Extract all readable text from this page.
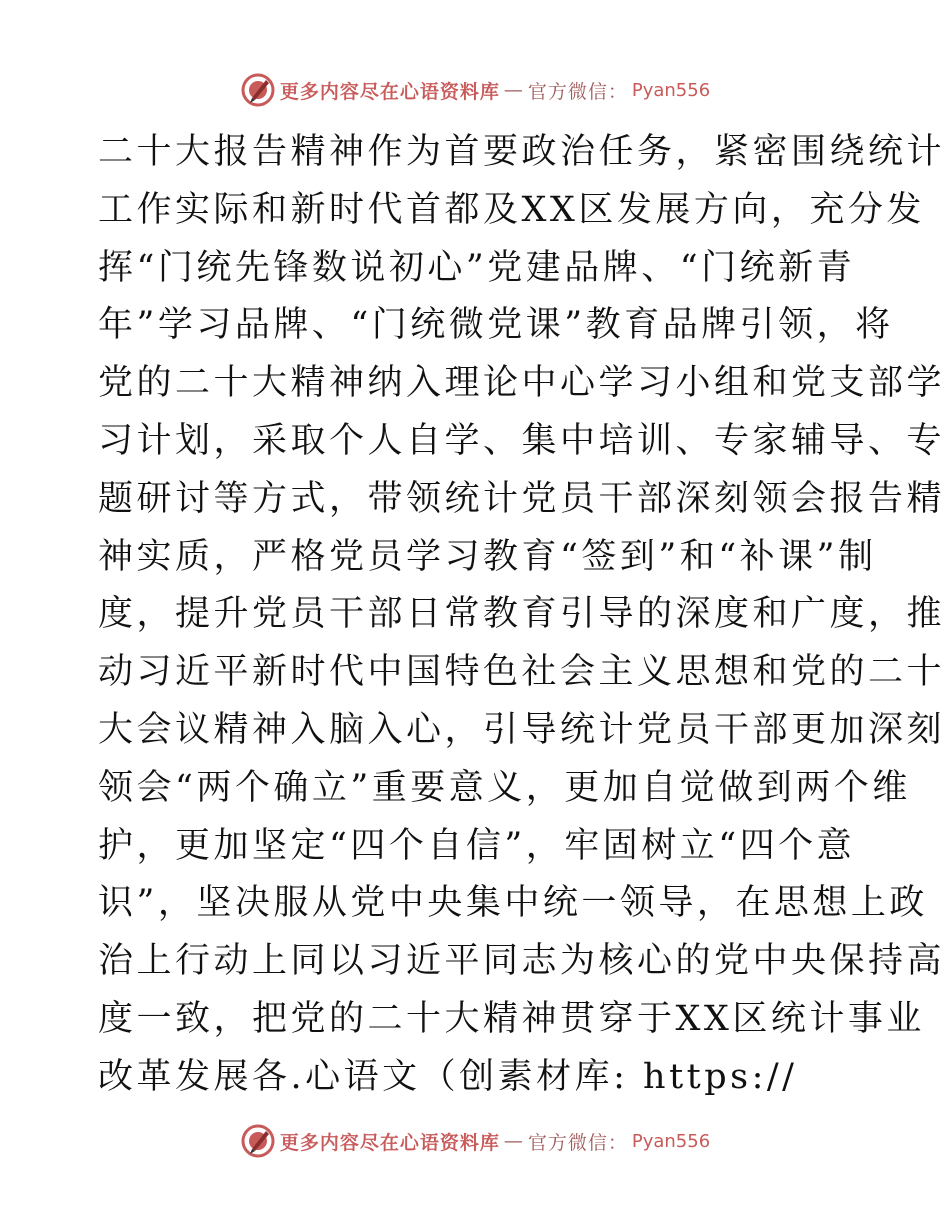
更多内容尽在心语资料库 — 官方微信： Pyan556
二十大报告精神作为首要政治任务，紧密围绕统计
工作实际和新时代首都及XX区发展方向，充分发
挥“门统先锋数说初心”党建品牌、“门统新青
年”学习品牌、“门统微党课”教育品牌引领，将
党的二十大精神纳入理论中心学习小组和党支部学
习计划，采取个人自学、集中培训、专家辅导、专
题研讨等方式，带领统计党员干部深刻领会报告精
神实质，严格党员学习教育“签到”和“补课”制
度，提升党员干部日常教育引导的深度和广度，推
动习近平新时代中国特色社会主义思想和党的二十
大会议精神入脑入心，引导统计党员干部更加深刻
领会“两个确立”重要意义，更加自觉做到两个维
护，更加坚定“四个自信”，牢固树立“四个意
识”，坚决服从党中央集中统一领导，在思想上政
治上行动上同以习近平同志为核心的党中央保持高
度一致，把党的二十大精神贯穿于XX区统计事业
改革发展各.心语文（创素材库: https://
更多内容尽在心语资料库 — 官方微信： Pyan556
